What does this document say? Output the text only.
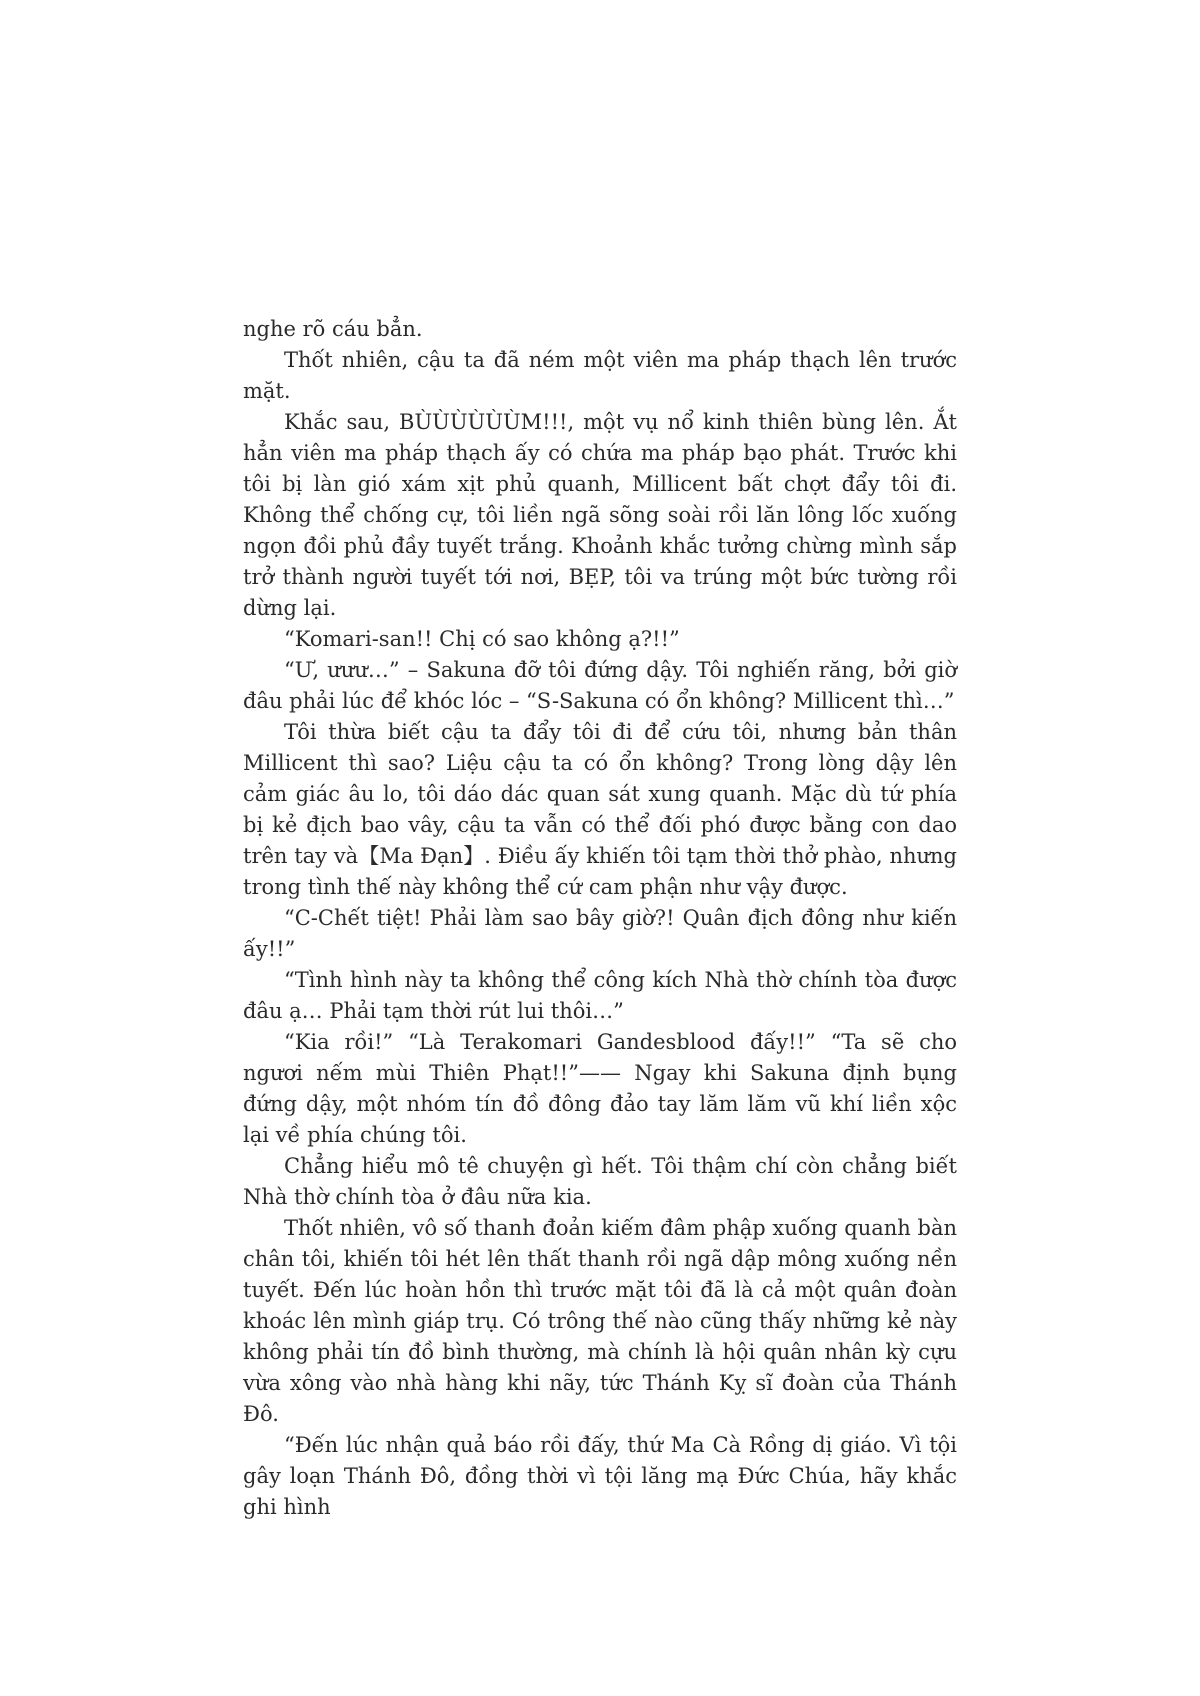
nghe rõ cáu bẳn.

Thốt nhiên, cậu ta đã ném một viên ma pháp thạch lên trước mặt.

Khắc sau, BÙÙÙÙÙÙM!!!, một vụ nổ kinh thiên bùng lên. Ắt hẳn viên ma pháp thạch ấy có chứa ma pháp bạo phát. Trước khi tôi bị làn gió xám xịt phủ quanh, Millicent bất chợt đẩy tôi đi. Không thể chống cự, tôi liền ngã sõng soài rồi lăn lông lốc xuống ngọn đồi phủ đầy tuyết trắng. Khoảnh khắc tưởng chừng mình sắp trở thành người tuyết tới nơi, BẸP, tôi va trúng một bức tường rồi dừng lại.

“Komari-san!! Chị có sao không ạ?!!”

“Ư, ưưư…” – Sakuna đỡ tôi đứng dậy. Tôi nghiến răng, bởi giờ đâu phải lúc để khóc lóc – “S-Sakuna có ổn không? Millicent thì…”

Tôi thừa biết cậu ta đẩy tôi đi để cứu tôi, nhưng bản thân Millicent thì sao? Liệu cậu ta có ổn không? Trong lòng dậy lên cảm giác âu lo, tôi dáo dác quan sát xung quanh. Mặc dù tứ phía bị kẻ địch bao vây, cậu ta vẫn có thể đối phó được bằng con dao trên tay và【Ma Đạn】. Điều ấy khiến tôi tạm thời thở phào, nhưng trong tình thế này không thể cứ cam phận như vậy được.

“C-Chết tiệt! Phải làm sao bây giờ?! Quân địch đông như kiến ấy!!”

“Tình hình này ta không thể công kích Nhà thờ chính tòa được đâu ạ… Phải tạm thời rút lui thôi…”

“Kia rồi!” “Là Terakomari Gandesblood đấy!!” “Ta sẽ cho ngươi nếm mùi Thiên Phạt!!”—— Ngay khi Sakuna định bụng đứng dậy, một nhóm tín đồ đông đảo tay lăm lăm vũ khí liền xộc lại về phía chúng tôi.

Chẳng hiểu mô tê chuyện gì hết. Tôi thậm chí còn chẳng biết Nhà thờ chính tòa ở đâu nữa kia.

Thốt nhiên, vô số thanh đoản kiếm đâm phập xuống quanh bàn chân tôi, khiến tôi hét lên thất thanh rồi ngã dập mông xuống nền tuyết. Đến lúc hoàn hồn thì trước mặt tôi đã là cả một quân đoàn khoác lên mình giáp trụ. Có trông thế nào cũng thấy những kẻ này không phải tín đồ bình thường, mà chính là hội quân nhân kỳ cựu vừa xông vào nhà hàng khi nãy, tức Thánh Kỵ sĩ đoàn của Thánh Đô.

“Đến lúc nhận quả báo rồi đấy, thứ Ma Cà Rồng dị giáo. Vì tội gây loạn Thánh Đô, đồng thời vì tội lăng mạ Đức Chúa, hãy khắc ghi hình
